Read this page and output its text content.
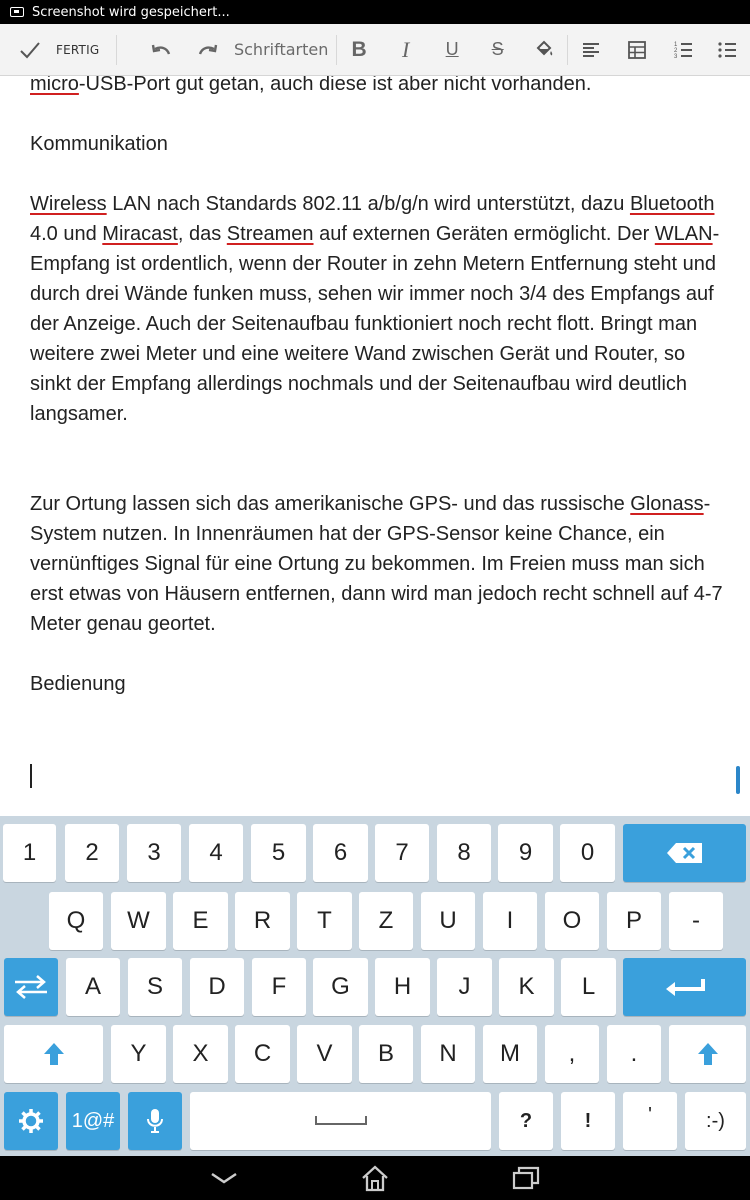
Screenshot wird gespeichert...
FERTIG	Schriftarten	B	I	U	S	1
2
3

micro-USB-Port gut getan, auch diese ist aber nicht vorhanden.

Kommunikation

Wireless LAN nach Standards 802.11 a/b/g/n wird unterstützt, dazu Bluetooth 4.0 und Miracast, das Streamen auf externen Geräten ermöglicht. Der WLAN-Empfang ist ordentlich, wenn der Router in zehn Metern Entfernung steht und durch drei Wände funken muss, sehen wir immer noch 3/4 des Empfangs auf der Anzeige. Auch der Seitenaufbau funktioniert noch recht flott. Bringt man weitere zwei Meter und eine weitere Wand zwischen Gerät und Router, so sinkt der Empfang allerdings nochmals und der Seitenaufbau wird deutlich langsamer.

Zur Ortung lassen sich das amerikanische GPS- und das russische Glonass-System nutzen. In Innenräumen hat der GPS-Sensor keine Chance, ein vernünftiges Signal für eine Ortung zu bekommen. Im Freien muss man sich erst etwas von Häusern entfernen, dann wird man jedoch recht schnell auf 4-7 Meter genau geortet.

Bedienung

1	2	3	4	5	6	7	8	9	0
Q	W	E	R	T	Z	U	I	O	P	-
A	S	D	F	G	H	J	K	L
Y	X	C	V	B	N	M	,	.
1@#	?	!	'	:-)
